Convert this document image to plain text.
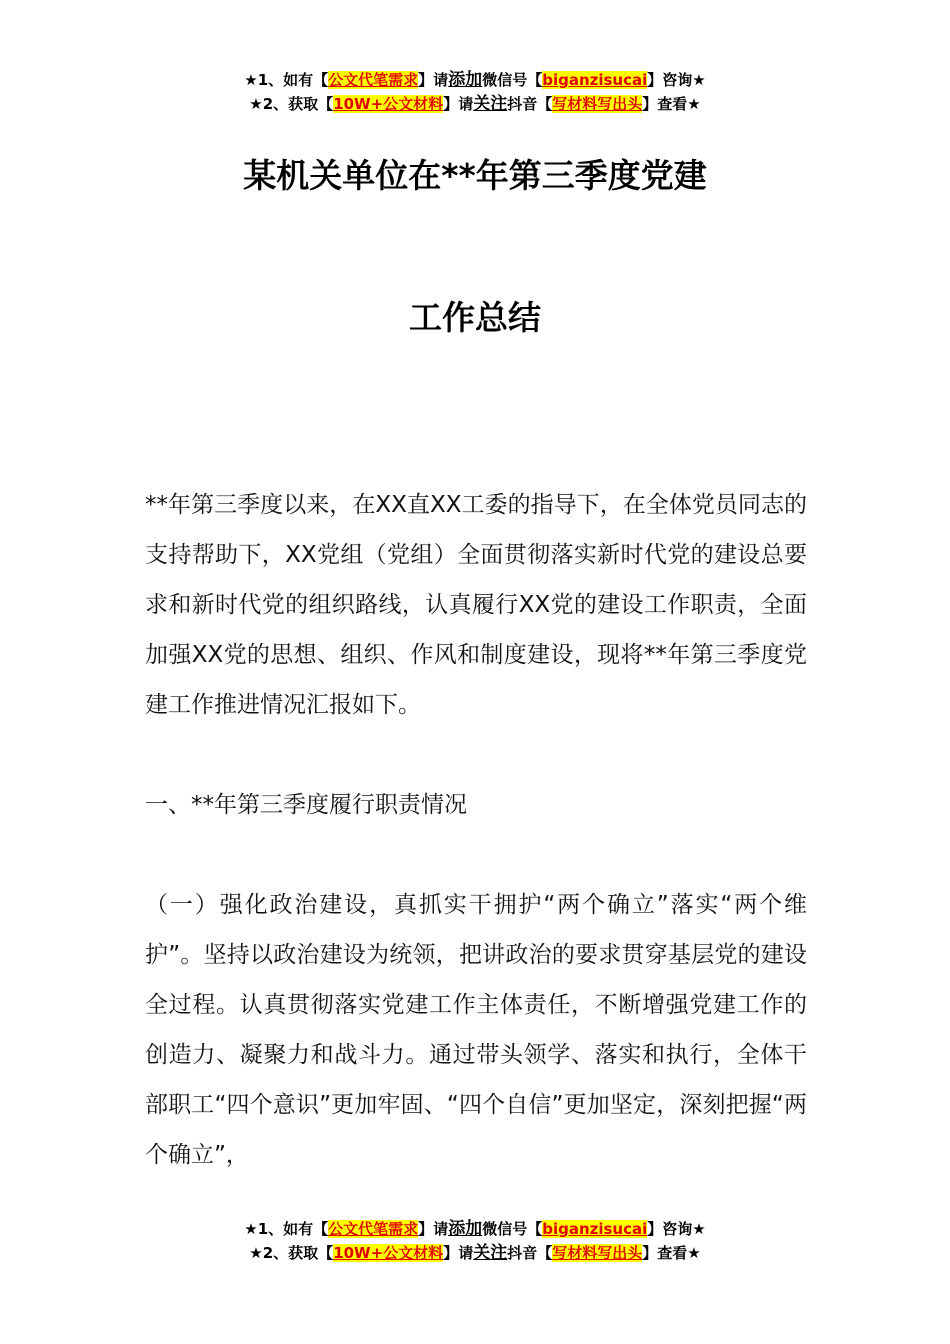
★1、如有【公文代笔需求】请添加微信号【biganzisucai】咨询★
★2、获取【10W+公文材料】请关注抖音【写材料写出头】查看★
某机关单位在**年第三季度党建
工作总结

**年第三季度以来，在XX直XX工委的指导下，在全体党员同志的支持帮助下，XX党组（党组）全面贯彻落实新时代党的建设总要求和新时代党的组织路线，认真履行XX党的建设工作职责，全面加强XX党的思想、组织、作风和制度建设，现将**年第三季度党建工作推进情况汇报如下。

一、**年第三季度履行职责情况

（一）强化政治建设，真抓实干拥护“两个确立”落实“两个维护”。坚持以政治建设为统领，把讲政治的要求贯穿基层党的建设全过程。认真贯彻落实党建工作主体责任，不断增强党建工作的创造力、凝聚力和战斗力。通过带头领学、落实和执行，全体干部职工“四个意识”更加牢固、“四个自信”更加坚定，深刻把握“两个确立”，

★1、如有【公文代笔需求】请添加微信号【biganzisucai】咨询★
★2、获取【10W+公文材料】请关注抖音【写材料写出头】查看★
